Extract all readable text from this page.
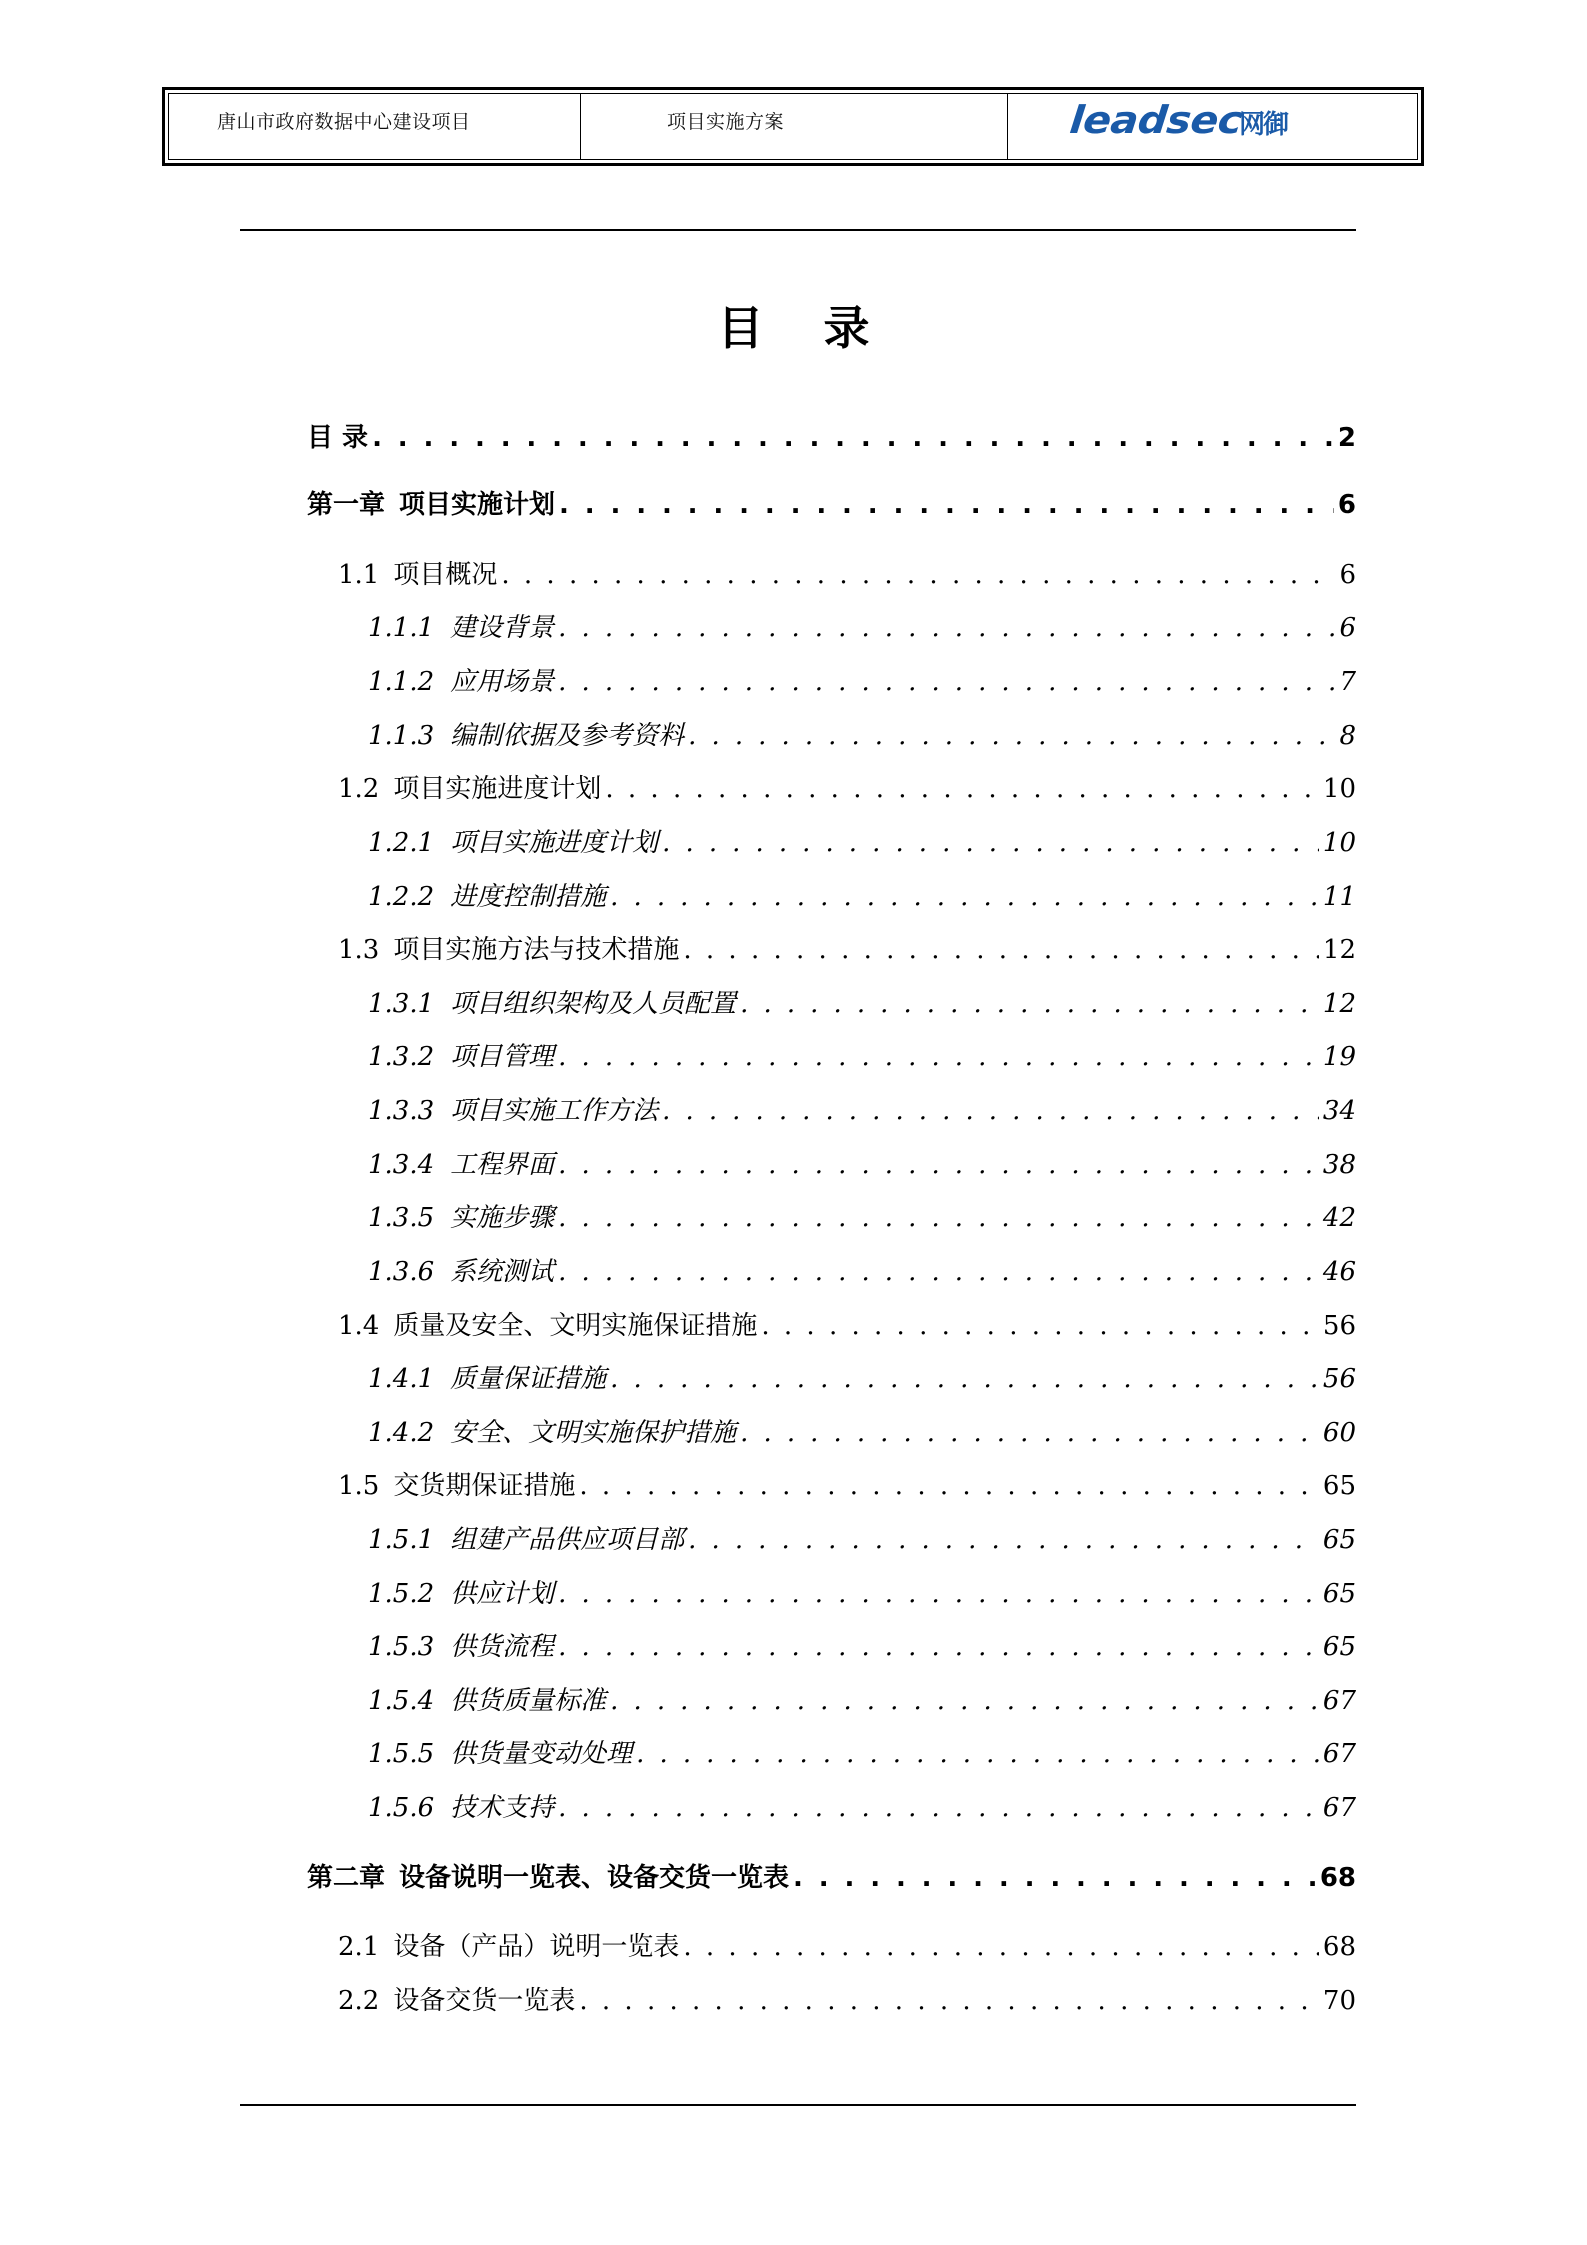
唐山市政府数据中心建设项目	项目实施方案	leadsec
网御
目 录
目 录 . . .	2
第一章 项目实施计划 . . .	6
1.1 项目概况 . . .	6
1.1.1 建设背景 . . .	6
1.1.2 应用场景 . . .	7
1.1.3 编制依据及参考资料 . . .	8
1.2 项目实施进度计划 . . .	10
1.2.1 项目实施进度计划 . . .	10
1.2.2 进度控制措施 . . .	11
1.3 项目实施方法与技术措施 . . .	12
1.3.1 项目组织架构及人员配置 . . .	12
1.3.2 项目管理 . . .	19
1.3.3 项目实施工作方法 . . .	34
1.3.4 工程界面 . . .	38
1.3.5 实施步骤 . . .	42
1.3.6 系统测试 . . .	46
1.4 质量及安全、文明实施保证措施 . . .	56
1.4.1 质量保证措施 . . .	56
1.4.2 安全、文明实施保护措施 . . .	60
1.5 交货期保证措施 . . .	65
1.5.1 组建产品供应项目部 . . .	65
1.5.2 供应计划 . . .	65
1.5.3 供货流程 . . .	65
1.5.4 供货质量标准 . . .	67
1.5.5 供货量变动处理 . . .	67
1.5.6 技术支持 . . .	67
第二章 设备说明一览表、设备交货一览表 . . .	68
2.1 设备（产品）说明一览表 . . .	68
2.2 设备交货一览表 . . .	70
